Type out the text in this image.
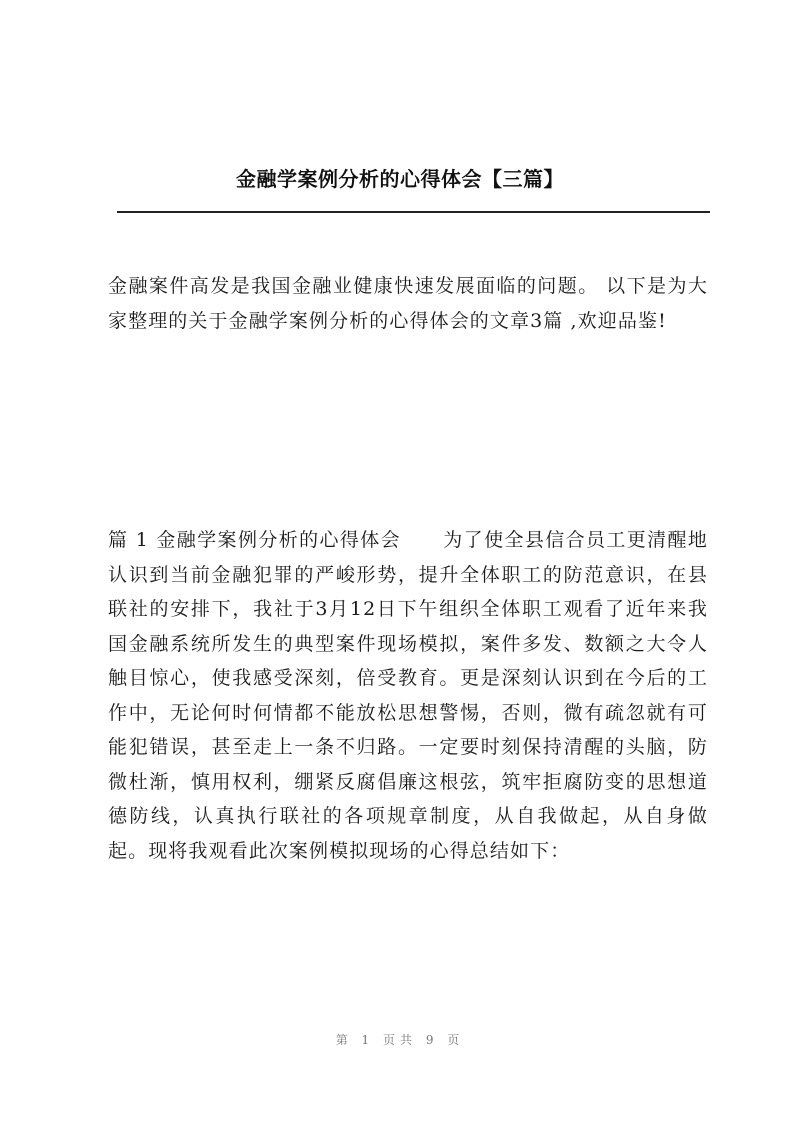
金融学案例分析的心得体会【三篇】

金融案件高发是我国金融业健康快速发展面临的问题。 以下是为大家整理的关于金融学案例分析的心得体会的文章3篇 ,欢迎品鉴!

篇 1 金融学案例分析的心得体会 为了使全县信合员工更清醒地认识到当前金融犯罪的严峻形势，提升全体职工的防范意识，在县联社的安排下，我社于3月12日下午组织全体职工观看了近年来我国金融系统所发生的典型案件现场模拟，案件多发、数额之大令人触目惊心，使我感受深刻，倍受教育。更是深刻认识到在今后的工作中，无论何时何情都不能放松思想警惕，否则，微有疏忽就有可能犯错误，甚至走上一条不归路。一定要时刻保持清醒的头脑，防微杜渐，慎用权利，绷紧反腐倡廉这根弦，筑牢拒腐防变的思想道德防线，认真执行联社的各项规章制度，从自我做起，从自身做起。现将我观看此次案例模拟现场的心得总结如下：

第 1 页共 9 页
